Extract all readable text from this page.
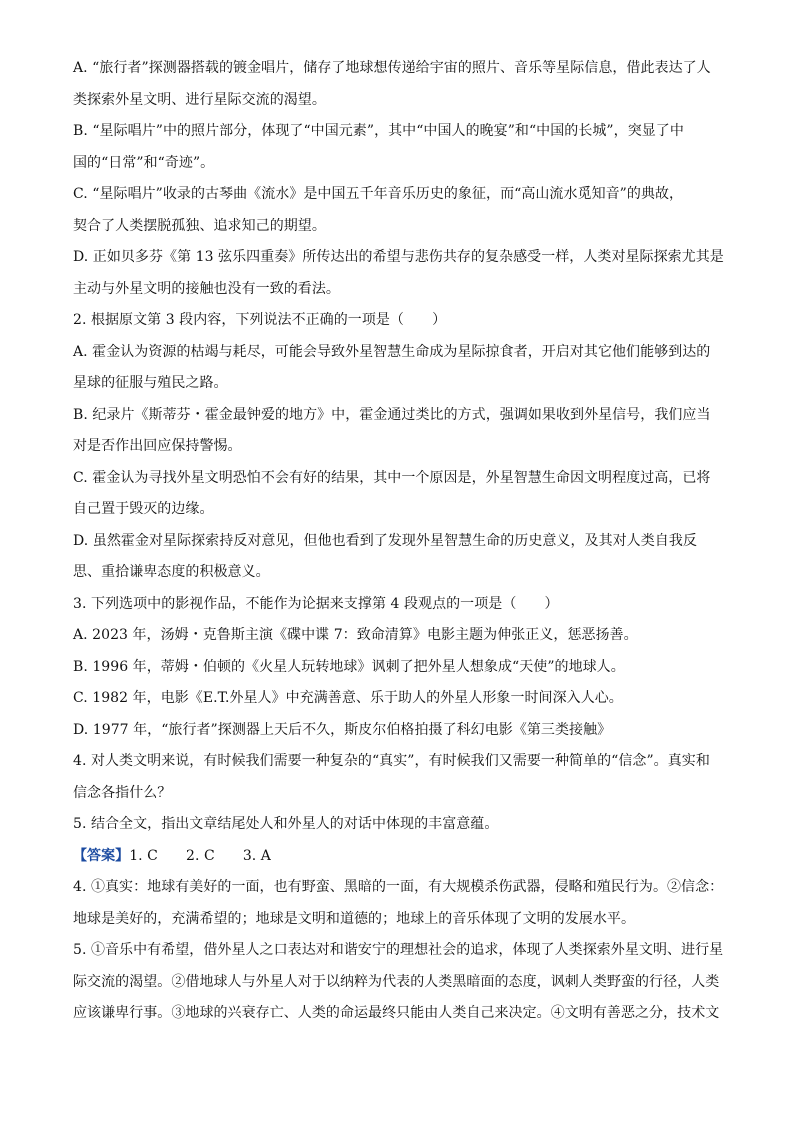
A. “旅行者”探测器搭载的镀金唱片，储存了地球想传递给宇宙的照片、音乐等星际信息，借此表达了人
类探索外星文明、进行星际交流的渴望。
B. “星际唱片”中的照片部分，体现了“中国元素”，其中“中国人的晚宴”和“中国的长城”，突显了中
国的“日常”和“奇迹”。
C. “星际唱片”收录的古琴曲《流水》是中国五千年音乐历史的象征，而“高山流水觅知音”的典故，
契合了人类摆脱孤独、追求知己的期望。
D. 正如贝多芬《第 13 弦乐四重奏》所传达出的希望与悲伤共存的复杂感受一样，人类对星际探索尤其是
主动与外星文明的接触也没有一致的看法。
2. 根据原文第 3 段内容，下列说法不正确的一项是（　　）
A. 霍金认为资源的枯竭与耗尽，可能会导致外星智慧生命成为星际掠食者，开启对其它他们能够到达的
星球的征服与殖民之路。
B. 纪录片《斯蒂芬・霍金最钟爱的地方》中，霍金通过类比的方式，强调如果收到外星信号，我们应当
对是否作出回应保持警惕。
C. 霍金认为寻找外星文明恐怕不会有好的结果，其中一个原因是，外星智慧生命因文明程度过高，已将
自己置于毁灭的边缘。
D. 虽然霍金对星际探索持反对意见，但他也看到了发现外星智慧生命的历史意义，及其对人类自我反
思、重拾谦卑态度的积极意义。
3. 下列选项中的影视作品，不能作为论据来支撑第 4 段观点的一项是（　　）
A. 2023 年，汤姆・克鲁斯主演《碟中谍 7：致命清算》电影主题为伸张正义，惩恶扬善。
B. 1996 年，蒂姆・伯顿的《火星人玩转地球》讽刺了把外星人想象成“天使”的地球人。
C. 1982 年，电影《E.T.外星人》中充满善意、乐于助人的外星人形象一时间深入人心。
D. 1977 年，“旅行者”探测器上天后不久，斯皮尔伯格拍摄了科幻电影《第三类接触》
4. 对人类文明来说，有时候我们需要一种复杂的“真实”，有时候我们又需要一种简单的“信念”。真实和
信念各指什么？
5. 结合全文，指出文章结尾处人和外星人的对话中体现的丰富意蕴。
【答案】1. C　　2. C　　3. A
4. ①真实：地球有美好的一面，也有野蛮、黑暗的一面，有大规模杀伤武器，侵略和殖民行为。②信念：
地球是美好的，充满希望的；地球是文明和道德的；地球上的音乐体现了文明的发展水平。
5. ①音乐中有希望，借外星人之口表达对和谐安宁的理想社会的追求，体现了人类探索外星文明、进行星
际交流的渴望。②借地球人与外星人对于以纳粹为代表的人类黑暗面的态度，讽刺人类野蛮的行径，人类
应该谦卑行事。③地球的兴衰存亡、人类的命运最终只能由人类自己来决定。④文明有善恶之分，技术文
